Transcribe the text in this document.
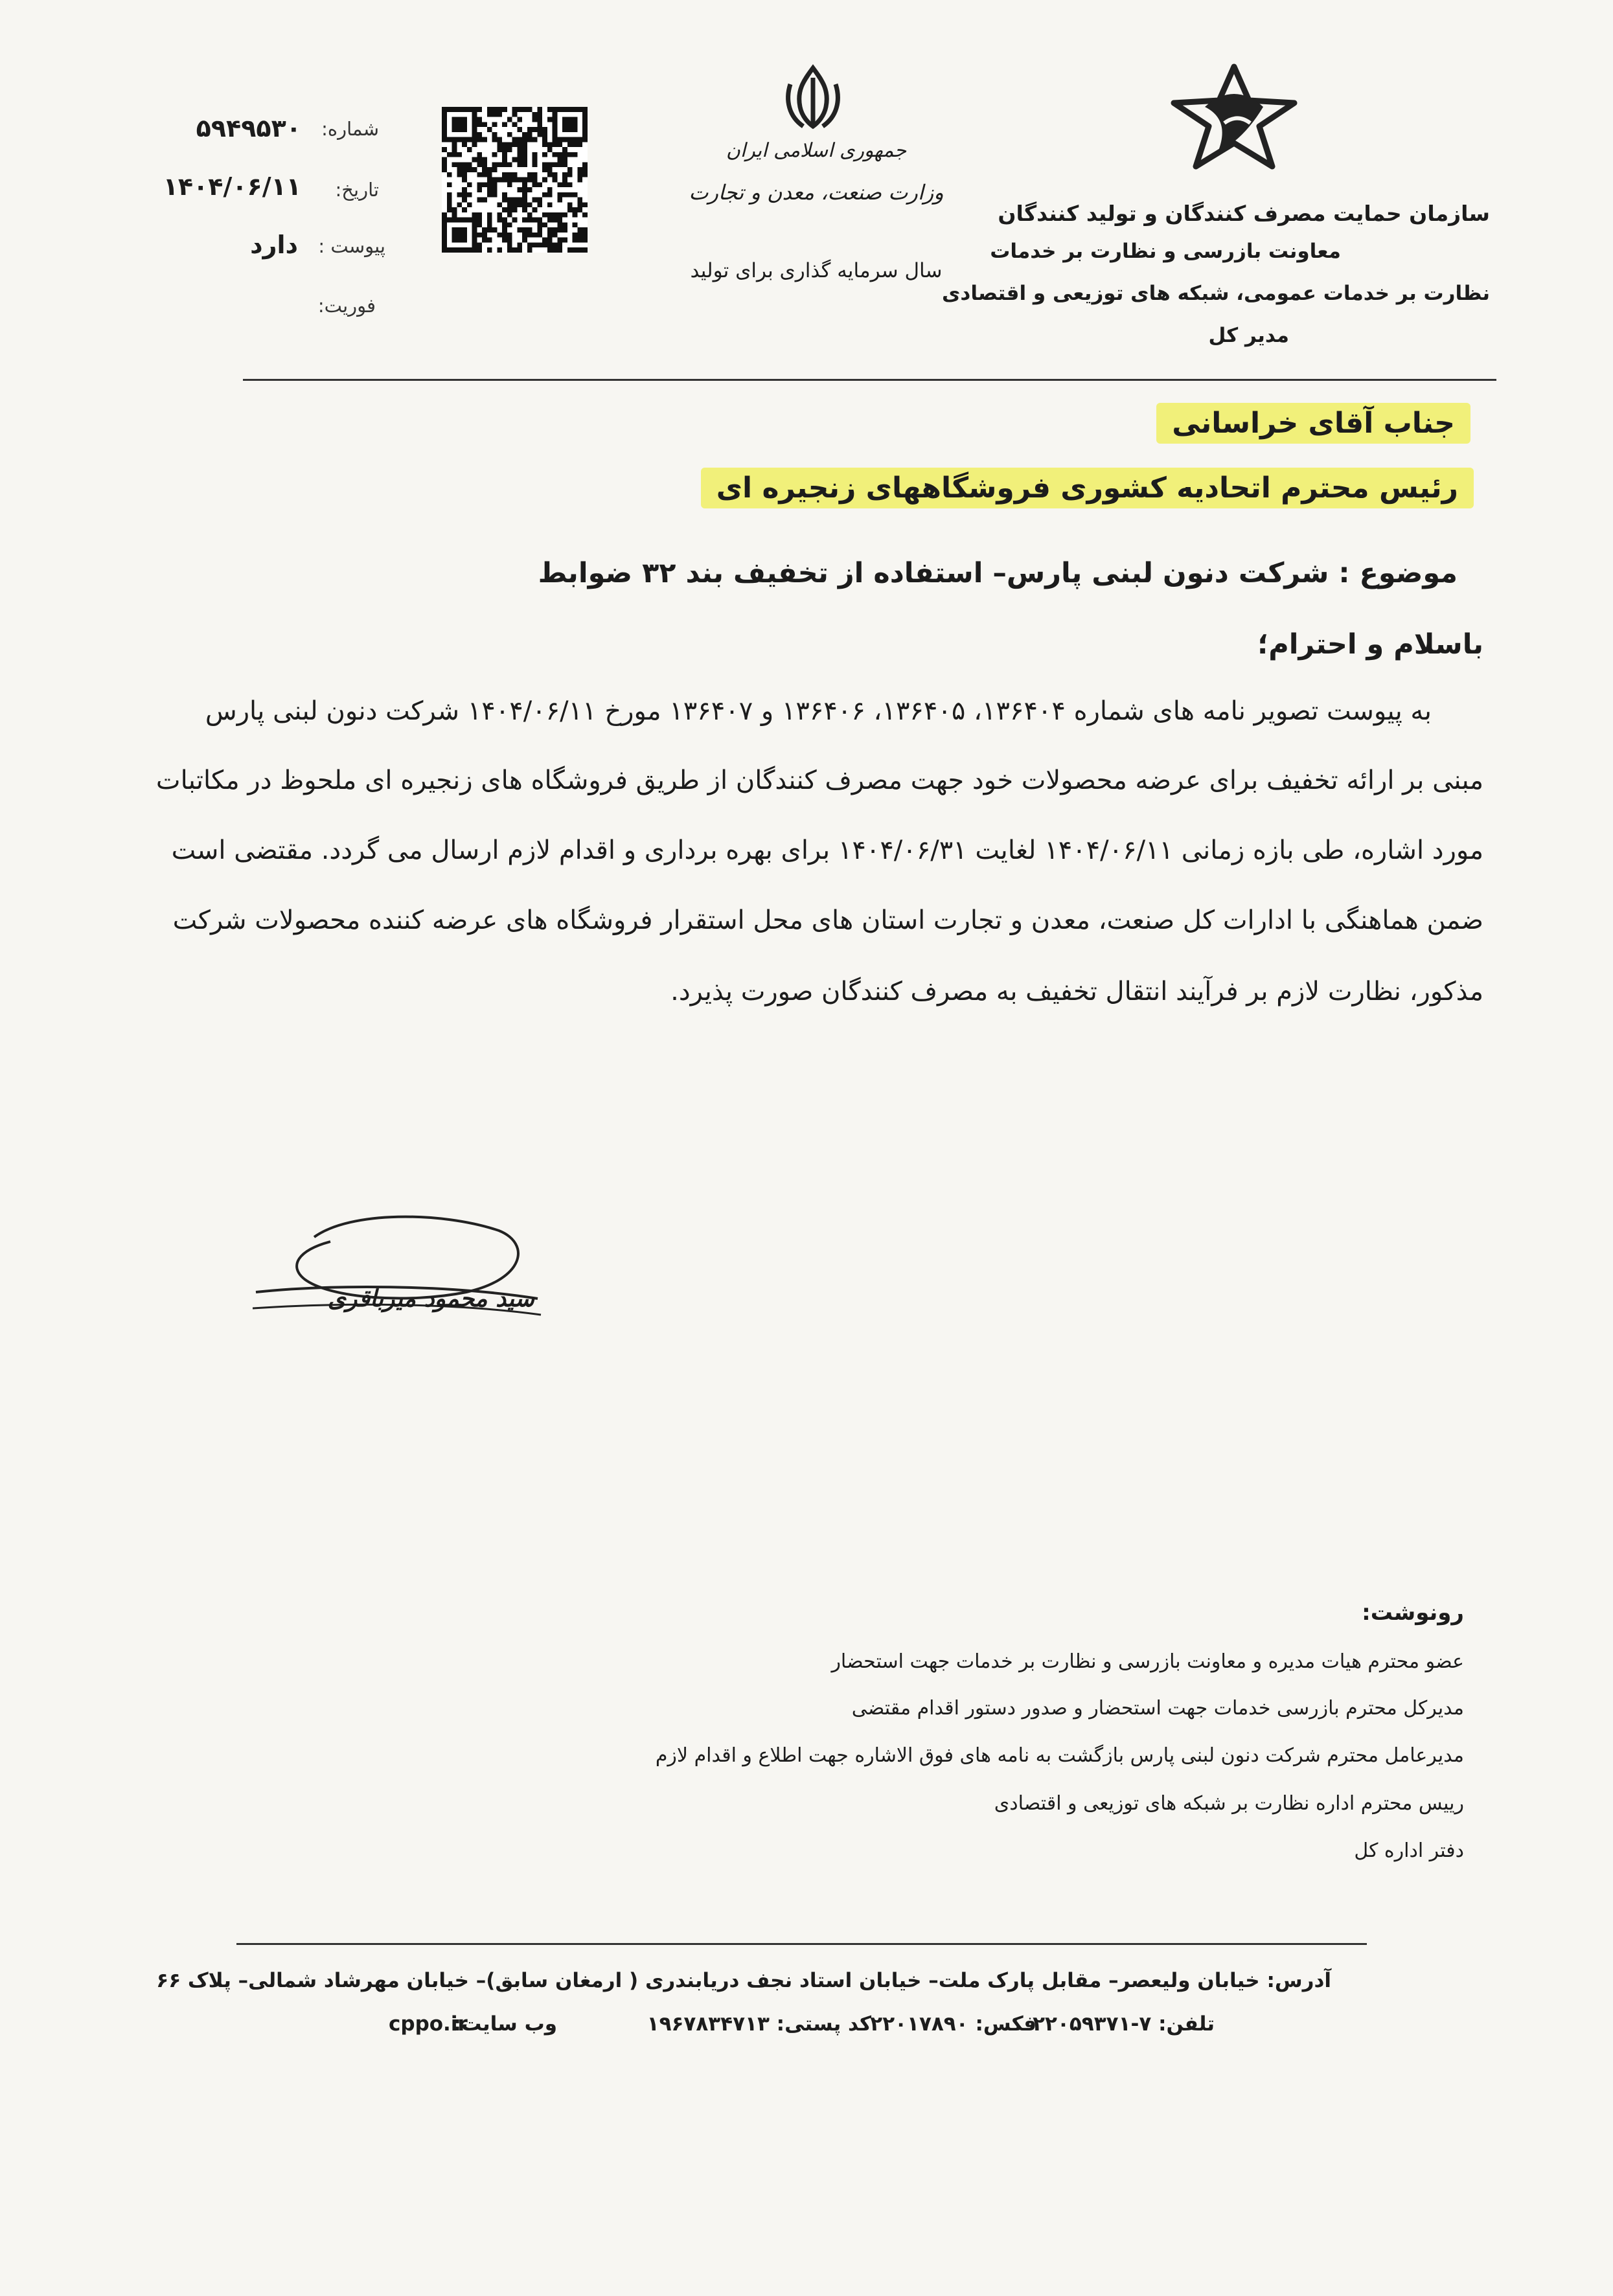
سازمان حمایت مصرف کنندگان و تولید کنندگان
معاونت بازرسی و نظارت بر خدمات
نظارت بر خدمات عمومی، شبکه های توزیعی و اقتصادی
مدیر کل
جمهوری اسلامی ایران
وزارت صنعت، معدن و تجارت
سال سرمایه گذاری برای تولید
شماره:
۵۹۴۹۵۳۰
تاریخ:
۱۴۰۴/۰۶/۱۱
پیوست :
دارد
فوریت:
جناب آقای خراسانی
رئیس محترم اتحادیه کشوری فروشگاههای زنجیره ای
موضوع : شرکت دنون لبنی پارس– استفاده از تخفیف بند ۳۲ ضوابط
باسلام و احترام؛
به پیوست تصویر نامه های شماره ۱۳۶۴۰۴، ۱۳۶۴۰۵، ۱۳۶۴۰۶ و ۱۳۶۴۰۷ مورخ ۱۴۰۴/۰۶/۱۱ شرکت دنون لبنی پارس
مبنی بر ارائه تخفیف برای عرضه محصولات خود جهت مصرف کنندگان از طریق فروشگاه های زنجیره ای ملحوظ در مکاتبات
مورد اشاره، طی بازه زمانی ۱۴۰۴/۰۶/۱۱ لغایت ۱۴۰۴/۰۶/۳۱ برای بهره برداری و اقدام لازم ارسال می گردد. مقتضی است
ضمن هماهنگی با ادارات کل صنعت، معدن و تجارت استان های محل استقرار فروشگاه های عرضه کننده محصولات شرکت
مذکور، نظارت لازم بر فرآیند انتقال تخفیف به مصرف کنندگان صورت پذیرد.
سید محمود میرباقری
رونوشت:
عضو محترم هیات مدیره و معاونت بازرسی و نظارت بر خدمات جهت استحضار
مدیرکل محترم بازرسی خدمات جهت استحضار و صدور دستور اقدام مقتضی
مدیرعامل محترم شرکت دنون لبنی پارس بازگشت به نامه های فوق الاشاره جهت اطلاع و اقدام لازم
رییس محترم اداره نظارت بر شبکه های توزیعی و اقتصادی
دفتر اداره کل
آدرس: خیابان ولیعصر– مقابل پارک ملت– خیابان استاد نجف دریابندری ( ارمغان سابق)– خیابان مهرشاد شمالی– پلاک ۶۶
تلفن: ۷-۲۲۰۵۹۳۷۱
فکس: ۲۲۰۱۷۸۹۰
کد پستی: ۱۹۶۷۸۳۴۷۱۳
وب سایت:
cppo.ir
